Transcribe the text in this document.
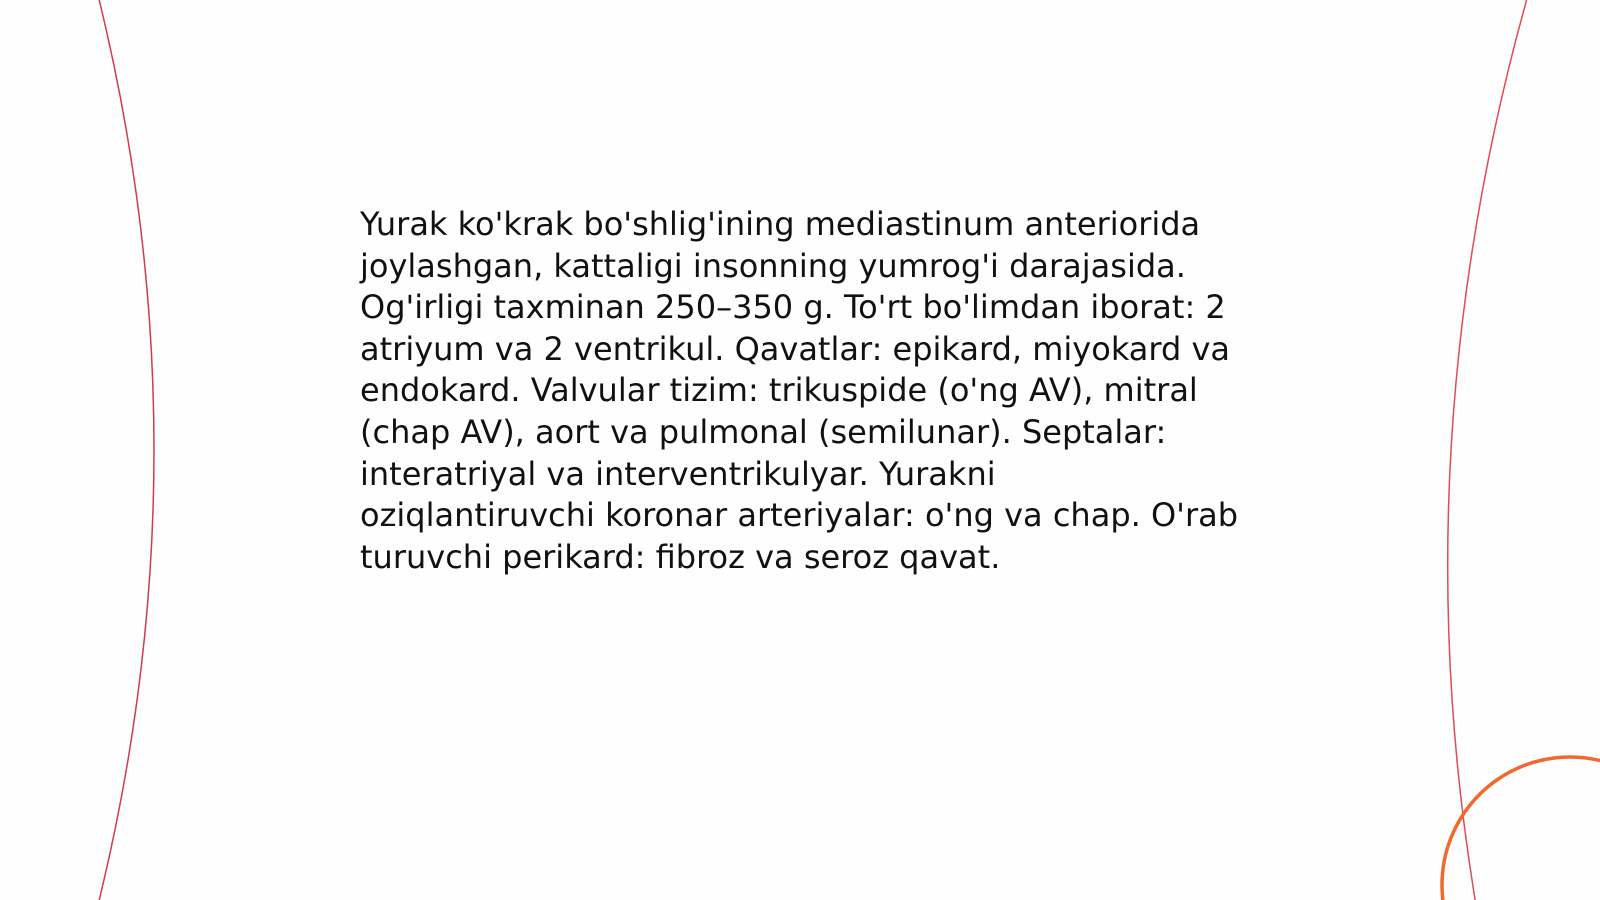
Yurak ko'krak bo'shlig'ining mediastinum anteriorida joylashgan, kattaligi insonning yumrog'i darajasida. Og'irligi taxminan 250–350 g. To'rt bo'limdan iborat: 2 atriyum va 2 ventrikul. Qavatlar: epikard, miyokard va endokard. Valvular tizim: trikuspide (o'ng AV), mitral (chap AV), aort va pulmonal (semilunar). Septalar: interatriyal va interventrikulyar. Yurakni oziqlantiruvchi koronar arteriyalar: o'ng va chap. O'rab turuvchi perikard: fibroz va seroz qavat.
